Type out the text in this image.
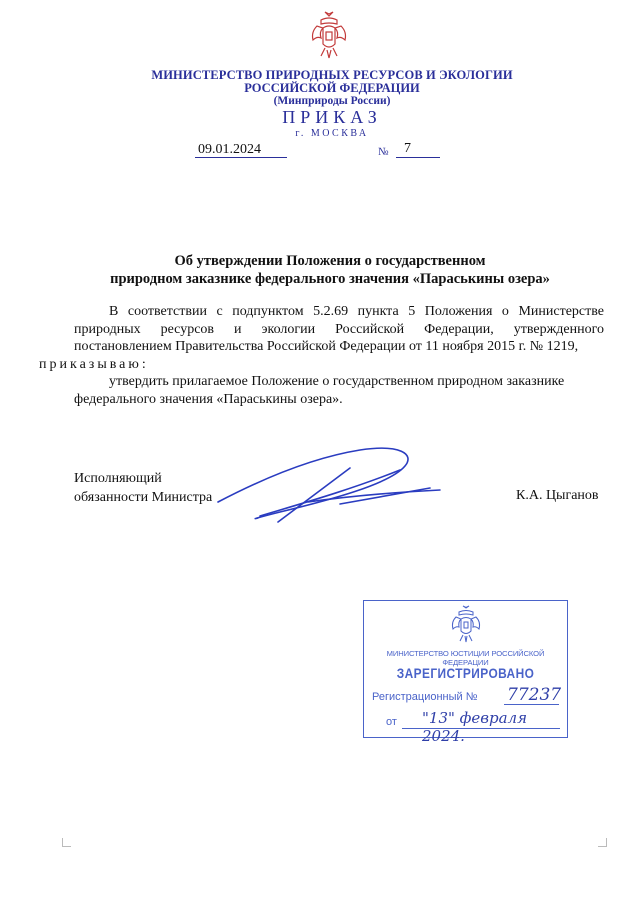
МИНИСТЕРСТВО ПРИРОДНЫХ РЕСУРСОВ И ЭКОЛОГИИ
РОССИЙСКОЙ ФЕДЕРАЦИИ
(Минприроды России)
ПРИКАЗ
г. МОСКВА
09.01.2024	№ 7
Об утверждении Положения о государственном
природном заказнике федерального значения «Параськины озера»
В соответствии с подпунктом 5.2.69 пункта 5 Положения о Министерстве природных ресурсов и экологии Российской Федерации, утвержденного постановлением Правительства Российской Федерации от 11 ноября 2015 г. № 1219,
приказываю:
утвердить прилагаемое Положение о государственном природном заказнике федерального значения «Параськины озера».
Исполняющий
обязанности Министра	К.А. Цыганов
МИНИСТЕРСТВО ЮСТИЦИИ РОССИЙСКОЙ ФЕДЕРАЦИИ
ЗАРЕГИСТРИРОВАНО
Регистрационный № 77237
от "13" февраля 2024.
